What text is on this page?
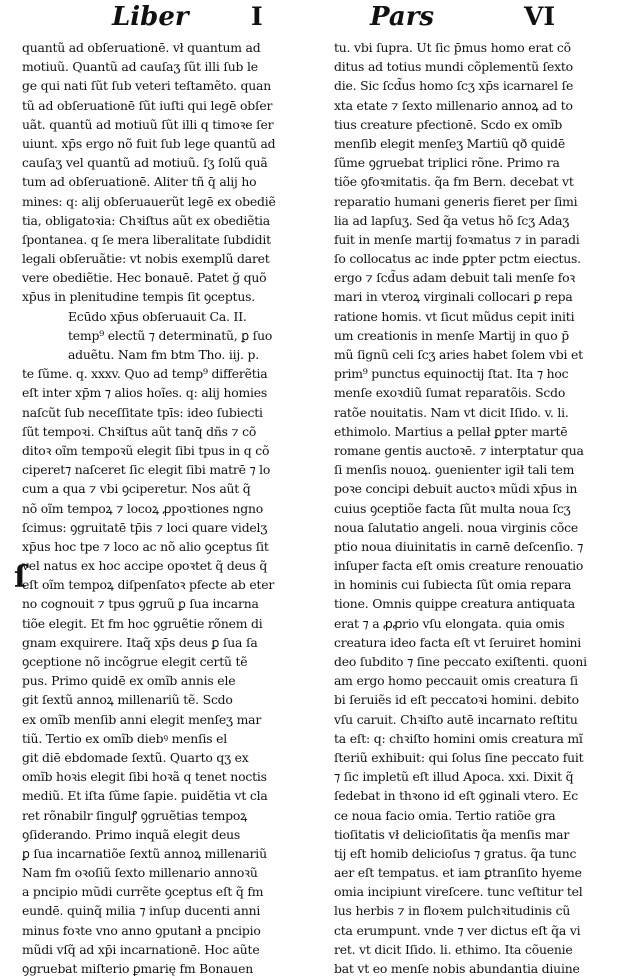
Liber I	Pars	VI
ſ
quantũ ad obſeruationē. vł quantum ad
motiuũ. Quantũ ad cauſaʒ ſũt illi ſub le
ge qui nati ſũt ſub veteri teſtamẽto. quan
tũ ad obſeruationē ſũt iuſti qui legē obſer
uãt. quantũ ad motiuũ ſũt illi q timoꝛe ſer
uiunt. xp̄s ergo nõ fuit ſub lege quantũ ad
cauſaʒ vel quantũ ad motiuũ. ſʒ ſolũ quã
tum ad obſeruationē. Aliter tñ q̄ alij ho
mines: q: alij obſeruauerũt legē ex obediẽ
tia, obligatoꝛia: Chꝛiſtus aũt ex obediẽtia
ſpontanea. q ſe mera liberalitate ſubdidit
legali obſeruãtie: vt nobis exemplũ daret
vere obediẽtie. Hec bonauē. Patet ğ quõ
xp̄us in plenitudine tempis ſit ꝯceptus.
Ecūdo xp̄us obſeruauit Ca. II.
temp⁹ electũ ⁊ determinatũ, ꝑ ſuo
aduẽtu. Nam fm btm Tho. iij. p.
te ſũme. q. xxxv. Quo ad temp⁹ differẽtia
eſt inter xp̄m ⁊ alios hoĩes. q: alij homies
naſcũt ſub neceſſitate tpīs: ideo ſubiecti
ſũt tempoꝛi. Chꝛiſtus aũt tanq̄ dñs ⁊ cõ
ditoꝛ oĩm tempoꝛũ elegit ſibi tpus in q cõ
ciperet⁊ naſceret ſic elegit ſibi matrē ⁊ lo
cum a qua ⁊ vbi ꝯciperetur. Nos aũt q̃
nõ oĩm tempoꝝ ⁊ locoꝝ ꝓpoꝛtiones ngno
ſcimus: ꝯgruitatē tp̄is ⁊ loci quare videlʒ
xp̄us hoc tpe ⁊ loco ac nõ alio ꝯceptus ſit
vel natus ex hoc accipe opoꝛtet q̃ deus q̃
eſt oĩm tempoꝝ diſpenſatoꝛ pfecte ab eter
no cognouit ⁊ tpus ꝯgruũ ꝑ ſua incarna
tiõe elegit. Et fm hoc ꝯgruẽtie rõnem di
gnam exquirere. Itaq̃ xp̄s deus ꝑ ſua ſa
ꝯceptione nõ incõgrue elegit certũ tẽ
pus. Primo quidē ex omĩb annis ele
git ſextũ annoꝝ millenariũ tẽ. Scdo
ex omĩb menſib anni elegit menſeʒ mar
tiũ. Tertio ex omĩb diebꝰ menſis el
git diē ebdomade ſextũ. Quarto qʒ ex
omĩb hoꝛis elegit ſibi hoꝛã q tenet noctis
mediũ. Et iſta ſũme ſapie. puidẽtia vt cla
ret rõnabilr ſingulꝭ ꝯgruẽtias tempoꝝ
ꝯſiderando. Primo inquã elegit deus
ꝑ ſua incarnatiõe ſextũ annoꝝ millenariũ
Nam fm oꝛoſiũ ſexto millenario annoꝛũ
a pncipio mũdi currẽte ꝯceptus eſt q̃ fm
eundē. quinq̃ milia ⁊ inſup ducenti anni
minus foꝛte vno anno ꝯputanł a pncipio
mũdi vſq̃ ad xp̄i incarnationē. Hoc aũte
ꝯgruebat miſterio ꝑmarię fm Bonauen
tu. vbi ſupra. Ut ſic p̄mus homo erat cõ
ditus ad totius mundi cõplementũ ſexto
die. Sic ſcd̃us homo ſcʒ xp̄s icarnarel ſe
xta etate ⁊ ſexto millenario annoꝝ ad to
tius creature pfectionē. Scdo ex omĩb
menſib elegit menſeʒ Martiũ qð quidē
ſũme ꝯgruebat triplici rõne. Primo ra
tiõe ꝯfoꝛmitatis. q̃a fm Bern. decebat vt
reparatio humani generis fieret per ſimi
lia ad lapſuʒ. Sed q̃a vetus hõ ſcʒ Adaʒ
fuit in menſe martij foꝛmatus ⁊ in paradi
ſo collocatus ac inde ꝑpter pctm eiectus.
ergo ⁊ ſcd̃us adam debuit tali menſe foꝛ
mari in vteroꝝ virginali collocari ꝑ repa
ratione homis. vt ſicut mũdus cepit initi
um creationis in menſe Martij in quo p̄
mũ ſignũ celi ſcʒ aries habet ſolem vbi et
prim⁹ punctus equinoctij ſtat. Ita ⁊ hoc
menſe exoꝛdiũ ſumat reparatõis. Scdo
ratõe nouitatis. Nam vt dicit Iſido. v. li.
ethimolo. Martius a pellał ꝑpter martē
romane gentis auctoꝛē. ⁊ interptatur qua
ſi menſis nouoꝝ. ꝯuenienter igił tali tem
poꝛe concipi debuit auctoꝛ mũdi xp̄us in
cuius ꝯceptiõe facta ſũt multa noua ſcʒ
noua ſalutatio angeli. noua virginis cõce
ptio noua diuinitatis in carnē deſcenſio. ⁊
inſuper facta eſt omis creature renouatio
in hominis cui ſubiecta ſũt omia repara
tione. Omnis quippe creatura antiquata
erat ⁊ a ꝓꝓrio vſu elongata. quia omis
creatura ideo facta eſt vt ſeruiret homini
deo ſubdito ⁊ ſine peccato exiſtenti. quoni
am ergo homo peccauit omis creatura ſi
bi ſeruiẽs id eſt peccatoꝛi homini. debito
vſu caruit. Chꝛiſto autē incarnato reſtitu
ta eſt: q: chꝛiſto homini omis creatura mĩ
ſteriũ exhibuit: qui ſolus ſine peccato fuit
⁊ ſic impletũ eſt illud Apoca. xxi. Dixit q̃
ſedebat in thꝛono id eſt ꝯginali vtero. Ec
ce noua facio omia. Tertio ratiõe gra
tioſitatis vł delicioſitatis q̃a menſis mar
tij eſt homib delicioſus ⁊ gratus. q̃a tunc
aer eſt tempatus. et iam ꝑtranſito hyeme
omia incipiunt vireſcere. tunc veſtitur tel
lus herbis ⁊ in floꝛem pulchꝛitudinis cũ
cta erumpunt. vnde ⁊ ver dictus eſt q̃a vi
ret. vt dicit Iſido. li. ethimo. Ita cõuenie
bat vt eo menſe nobis abundantia diuine
